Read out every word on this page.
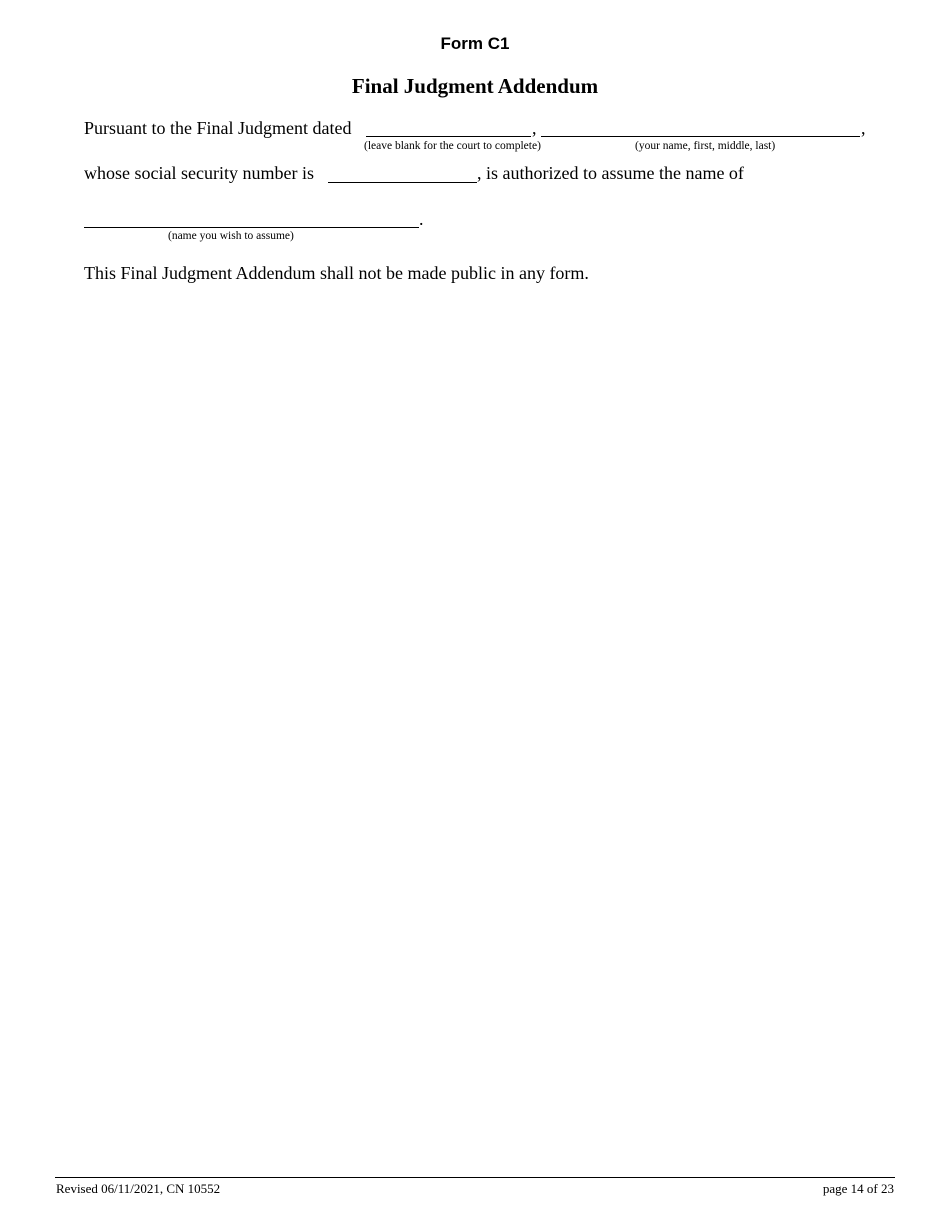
Form C1
Final Judgment Addendum
Pursuant to the Final Judgment dated	,	,
(leave blank for the court to complete)	(your name, first, middle, last)
whose social security number is	, is authorized to assume the name of
.
(name you wish to assume)
This Final Judgment Addendum shall not be made public in any form.
Revised 06/11/2021, CN 10552	page 14 of 23
